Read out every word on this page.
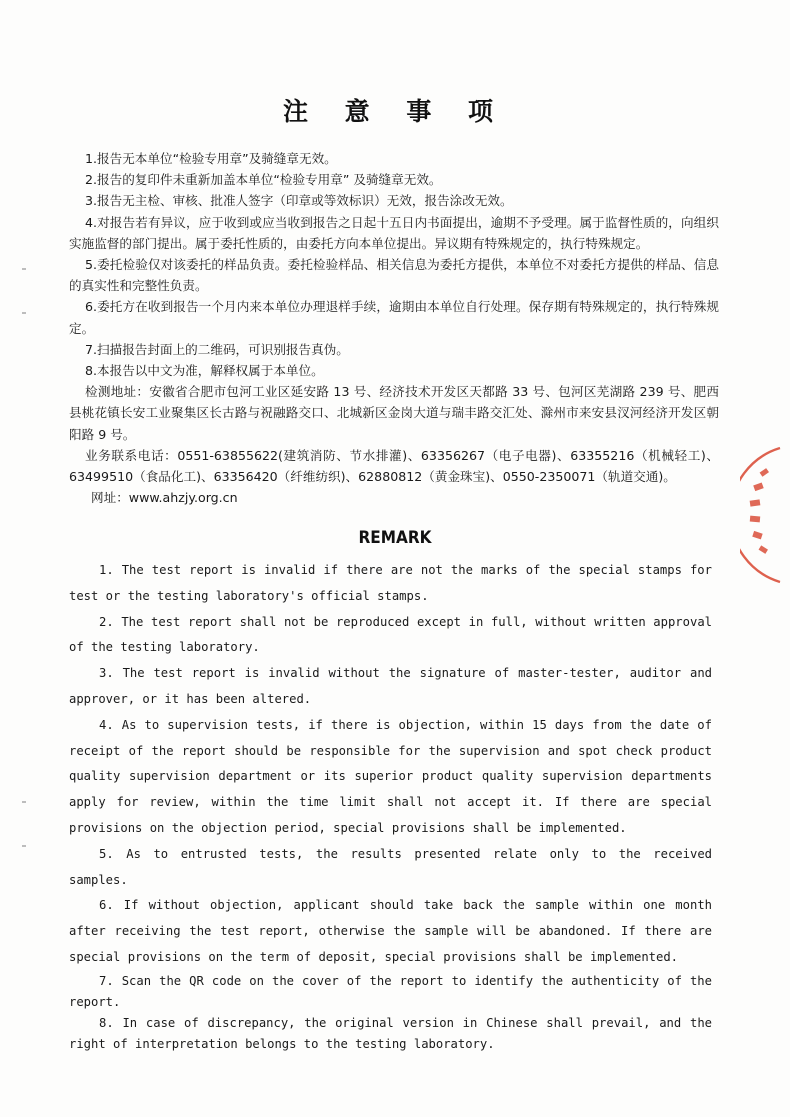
注 意 事 项

1.报告无本单位“检验专用章”及骑缝章无效。

2.报告的复印件未重新加盖本单位“检验专用章” 及骑缝章无效。

3.报告无主检、审核、批准人签字（印章或等效标识）无效，报告涂改无效。

4.对报告若有异议，应于收到或应当收到报告之日起十五日内书面提出，逾期不予受理。属于监督性质的，向组织实施监督的部门提出。属于委托性质的，由委托方向本单位提出。异议期有特殊规定的，执行特殊规定。

5.委托检验仅对该委托的样品负责。委托检验样品、相关信息为委托方提供，本单位不对委托方提供的样品、信息的真实性和完整性负责。

6.委托方在收到报告一个月内来本单位办理退样手续，逾期由本单位自行处理。保存期有特殊规定的，执行特殊规定。

7.扫描报告封面上的二维码，可识别报告真伪。

8.本报告以中文为准，解释权属于本单位。

检测地址：安徽省合肥市包河工业区延安路 13 号、经济技术开发区天都路 33 号、包河区芜湖路 239 号、肥西县桃花镇长安工业聚集区长古路与祝融路交口、北城新区金岗大道与瑞丰路交汇处、滁州市来安县汊河经济开发区朝阳路 9 号。

业务联系电话：0551-63855622(建筑消防、节水排灌)、63356267（电子电器)、63355216（机械轻工)、63499510（食品化工)、63356420（纤维纺织)、62880812（黄金珠宝)、0550-2350071（轨道交通)。

网址：www.ahzjy.org.cn

REMARK

1. The test report is invalid if there are not the marks of the special stamps for test or the testing laboratory's official stamps.

2. The test report shall not be reproduced except in full, without written approval of the testing laboratory.

3. The test report is invalid without the signature of master-tester, auditor and approver, or it has been altered.

4. As to supervision tests, if there is objection, within 15 days from the date of receipt of the report should be responsible for the supervision and spot check product quality supervision department or its superior product quality supervision departments apply for review, within the time limit shall not accept it. If there are special provisions on the objection period, special provisions shall be implemented.

5. As to entrusted tests, the results presented relate only to the received samples.

6. If without objection, applicant should take back the sample within one month after receiving the test report, otherwise the sample will be abandoned. If there are special provisions on the term of deposit, special provisions shall be implemented.

7. Scan the QR code on the cover of the report to identify the authenticity of the report.

8. In case of discrepancy, the original version in Chinese shall prevail, and the right of interpretation belongs to the testing laboratory.
